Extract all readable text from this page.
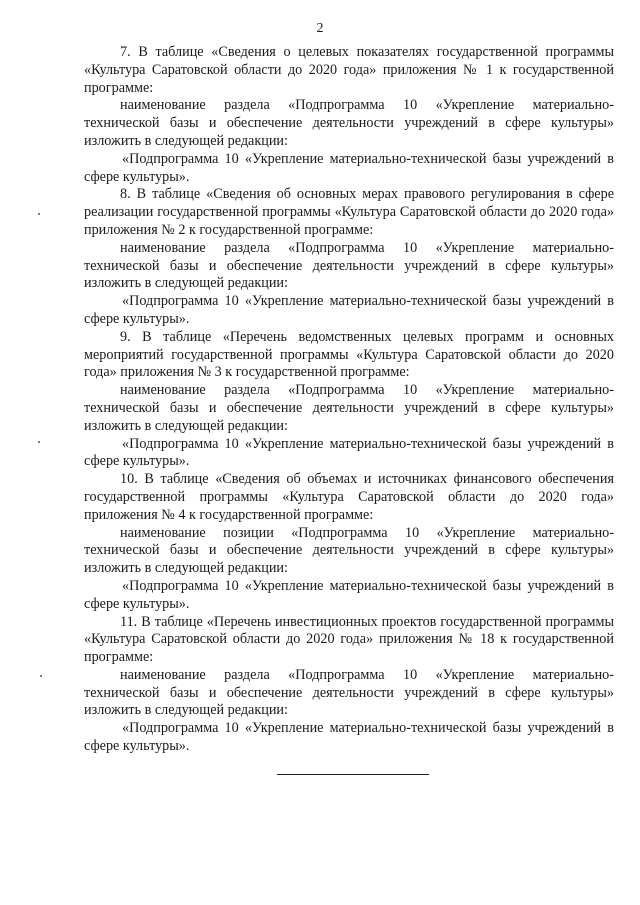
2

7. В таблице «Сведения о целевых показателях государственной программы «Культура Саратовской области до 2020 года» приложения № 1 к государственной программе:

наименование раздела «Подпрограмма 10 «Укрепление материально-технической базы и обеспечение деятельности учреждений в сфере культуры» изложить в следующей редакции:

«Подпрограмма 10 «Укрепление материально-технической базы учреждений в сфере культуры».

8. В таблице «Сведения об основных мерах правового регулирования в сфере реализации государственной программы «Культура Саратовской области до 2020 года» приложения № 2 к государственной программе:

наименование раздела «Подпрограмма 10 «Укрепление материально-технической базы и обеспечение деятельности учреждений в сфере культуры» изложить в следующей редакции:

«Подпрограмма 10 «Укрепление материально-технической базы учреждений в сфере культуры».

9. В таблице «Перечень ведомственных целевых программ и основных мероприятий государственной программы «Культура Саратовской области до 2020 года» приложения № 3 к государственной программе:

наименование раздела «Подпрограмма 10 «Укрепление материально-технической базы и обеспечение деятельности учреждений в сфере культуры» изложить в следующей редакции:

«Подпрограмма 10 «Укрепление материально-технической базы учреждений в сфере культуры».

10. В таблице «Сведения об объемах и источниках финансового обеспечения государственной программы «Культура Саратовской области до 2020 года» приложения № 4 к государственной программе:

наименование позиции «Подпрограмма 10 «Укрепление материально-технической базы и обеспечение деятельности учреждений в сфере культуры» изложить в следующей редакции:

«Подпрограмма 10 «Укрепление материально-технической базы учреждений в сфере культуры».

11. В таблице «Перечень инвестиционных проектов государственной программы «Культура Саратовской области до 2020 года» приложения № 18 к государственной программе:

наименование раздела «Подпрограмма 10 «Укрепление материально-технической базы и обеспечение деятельности учреждений в сфере культуры» изложить в следующей редакции:

«Подпрограмма 10 «Укрепление материально-технической базы учреждений в сфере культуры».
